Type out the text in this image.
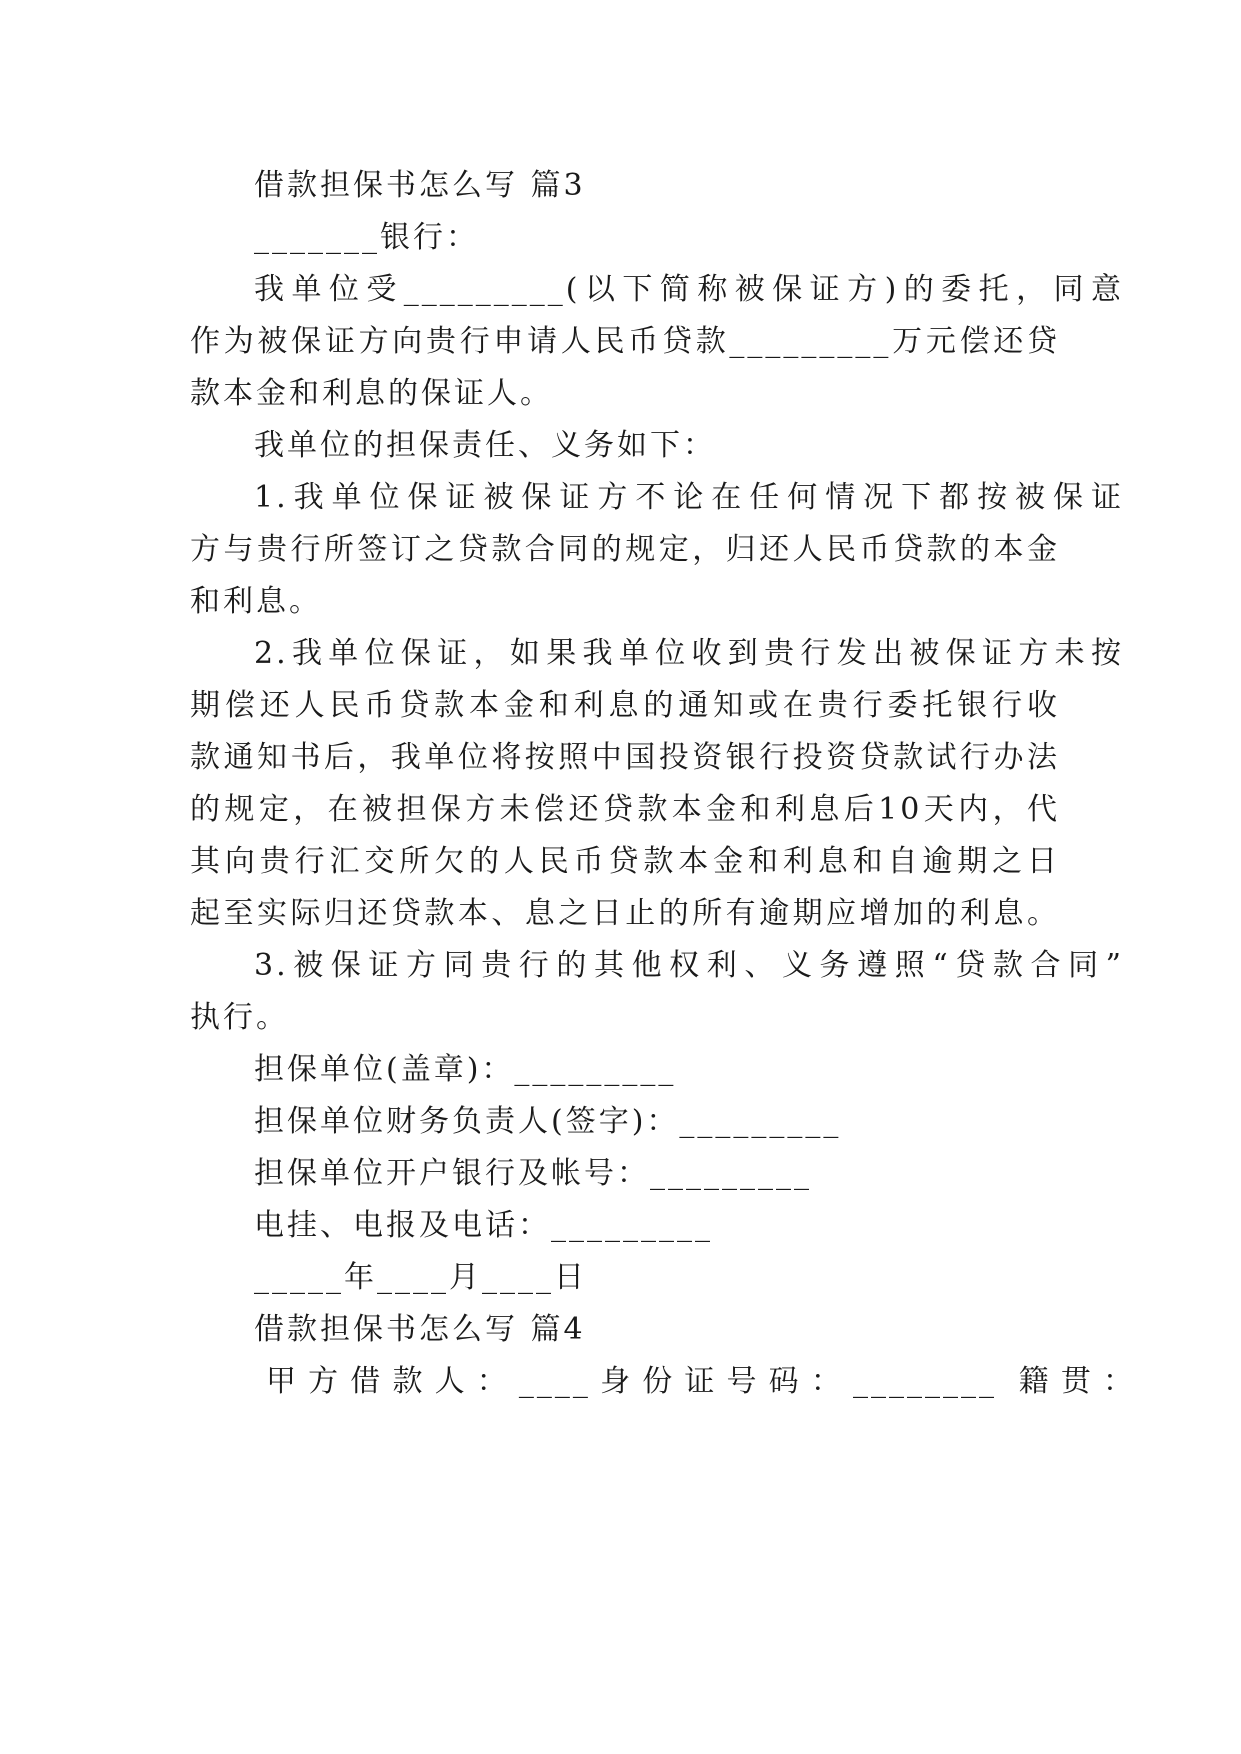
借款担保书怎么写 篇3
_______银行：
我单位受_________(以下简称被保证方)的委托，同意
作为被保证方向贵行申请人民币贷款_________万元偿还贷
款本金和利息的保证人。
我单位的担保责任、义务如下：
1.我单位保证被保证方不论在任何情况下都按被保证
方与贵行所签订之贷款合同的规定，归还人民币贷款的本金
和利息。
2.我单位保证，如果我单位收到贵行发出被保证方未按
期偿还人民币贷款本金和利息的通知或在贵行委托银行收
款通知书后，我单位将按照中国投资银行投资贷款试行办法
的规定，在被担保方未偿还贷款本金和利息后10天内，代
其向贵行汇交所欠的人民币贷款本金和利息和自逾期之日
起至实际归还贷款本、息之日止的所有逾期应增加的利息。
3.被保证方同贵行的其他权利、义务遵照“贷款合同”
执行。
担保单位(盖章)：_________
担保单位财务负责人(签字)：_________
担保单位开户银行及帐号：_________
电挂、电报及电话：_________
_____年____月____日
借款担保书怎么写 篇4
甲方借款人：____身份证号码：________ 籍贯：
